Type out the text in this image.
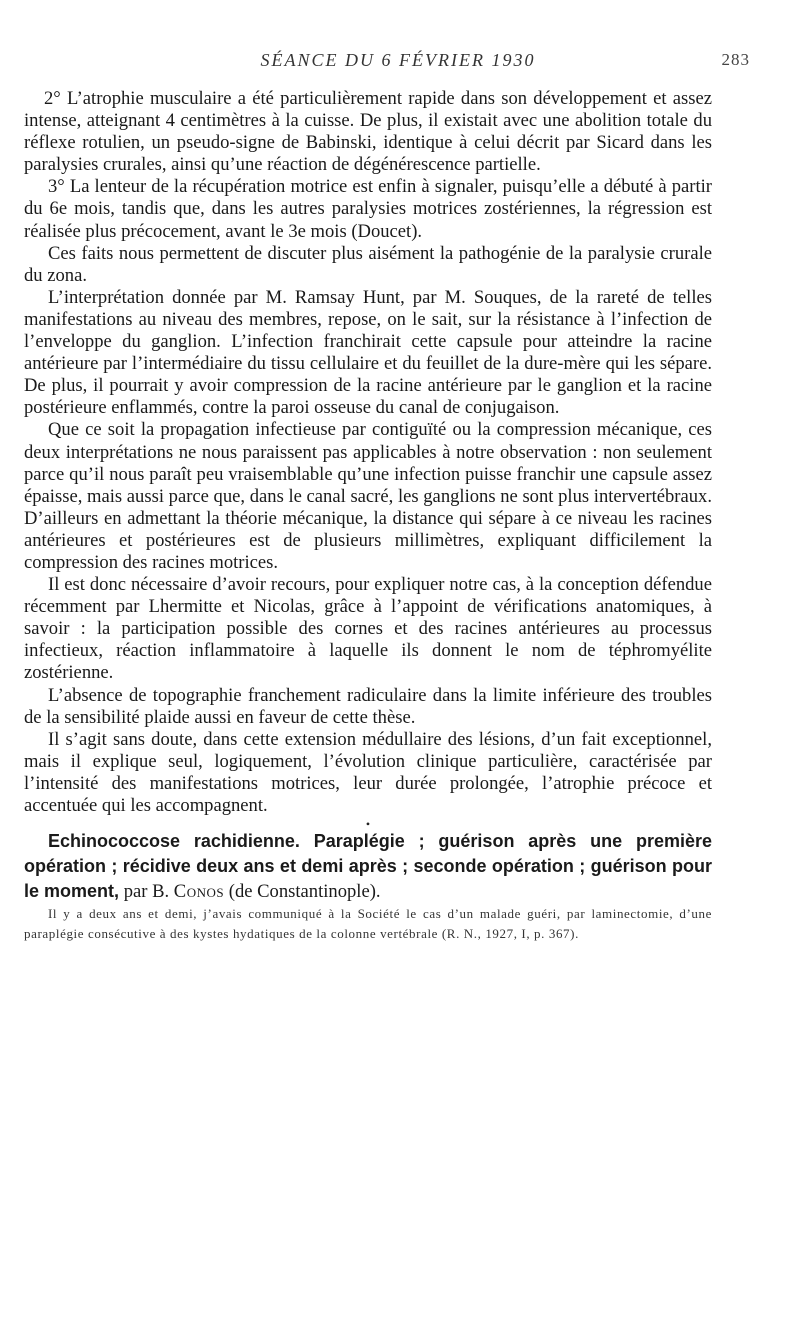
SÉANCE DU 6 FÉVRIER 1930	283

2° L’atrophie musculaire a été particulièrement rapide dans son développement et assez intense, atteignant 4 centimètres à la cuisse. De plus, il existait avec une abolition totale du réflexe rotulien, un pseudo-signe de Babinski, identique à celui décrit par Sicard dans les paralysies crurales, ainsi qu’une réaction de dégénérescence partielle.

3° La lenteur de la récupération motrice est enfin à signaler, puisqu’elle a débuté à partir du 6e mois, tandis que, dans les autres paralysies motrices zostériennes, la régression est réalisée plus précocement, avant le 3e mois (Doucet).

Ces faits nous permettent de discuter plus aisément la pathogénie de la paralysie crurale du zona.

L’interprétation donnée par M. Ramsay Hunt, par M. Souques, de la rareté de telles manifestations au niveau des membres, repose, on le sait, sur la résistance à l’infection de l’enveloppe du ganglion. L’infection franchirait cette capsule pour atteindre la racine antérieure par l’intermédiaire du tissu cellulaire et du feuillet de la dure-mère qui les sépare. De plus, il pourrait y avoir compression de la racine antérieure par le ganglion et la racine postérieure enflammés, contre la paroi osseuse du canal de conjugaison.

Que ce soit la propagation infectieuse par contiguïté ou la compression mécanique, ces deux interprétations ne nous paraissent pas applicables à notre observation : non seulement parce qu’il nous paraît peu vraisemblable qu’une infection puisse franchir une capsule assez épaisse, mais aussi parce que, dans le canal sacré, les ganglions ne sont plus intervertébraux. D’ailleurs en admettant la théorie mécanique, la distance qui sépare à ce niveau les racines antérieures et postérieures est de plusieurs millimètres, expliquant difficilement la compression des racines motrices.

Il est donc nécessaire d’avoir recours, pour expliquer notre cas, à la conception défendue récemment par Lhermitte et Nicolas, grâce à l’appoint de vérifications anatomiques, à savoir : la participation possible des cornes et des racines antérieures au processus infectieux, réaction inflammatoire à laquelle ils donnent le nom de téphromyélite zostérienne.

L’absence de topographie franchement radiculaire dans la limite inférieure des troubles de la sensibilité plaide aussi en faveur de cette thèse.

Il s’agit sans doute, dans cette extension médullaire des lésions, d’un fait exceptionnel, mais il explique seul, logiquement, l’évolution clinique particulière, caractérisée par l’intensité des manifestations motrices, leur durée prolongée, l’atrophie précoce et accentuée qui les accompagnent.

•

Echinococcose rachidienne. Paraplégie ; guérison après une première opération ; récidive deux ans et demi après ; seconde opération ; guérison pour le moment, par B. Conos (de Constantinople).

Il y a deux ans et demi, j’avais communiqué à la Société le cas d’un malade guéri, par laminectomie, d’une paraplégie consécutive à des kystes hydatiques de la colonne vertébrale (R. N., 1927, I, p. 367).
